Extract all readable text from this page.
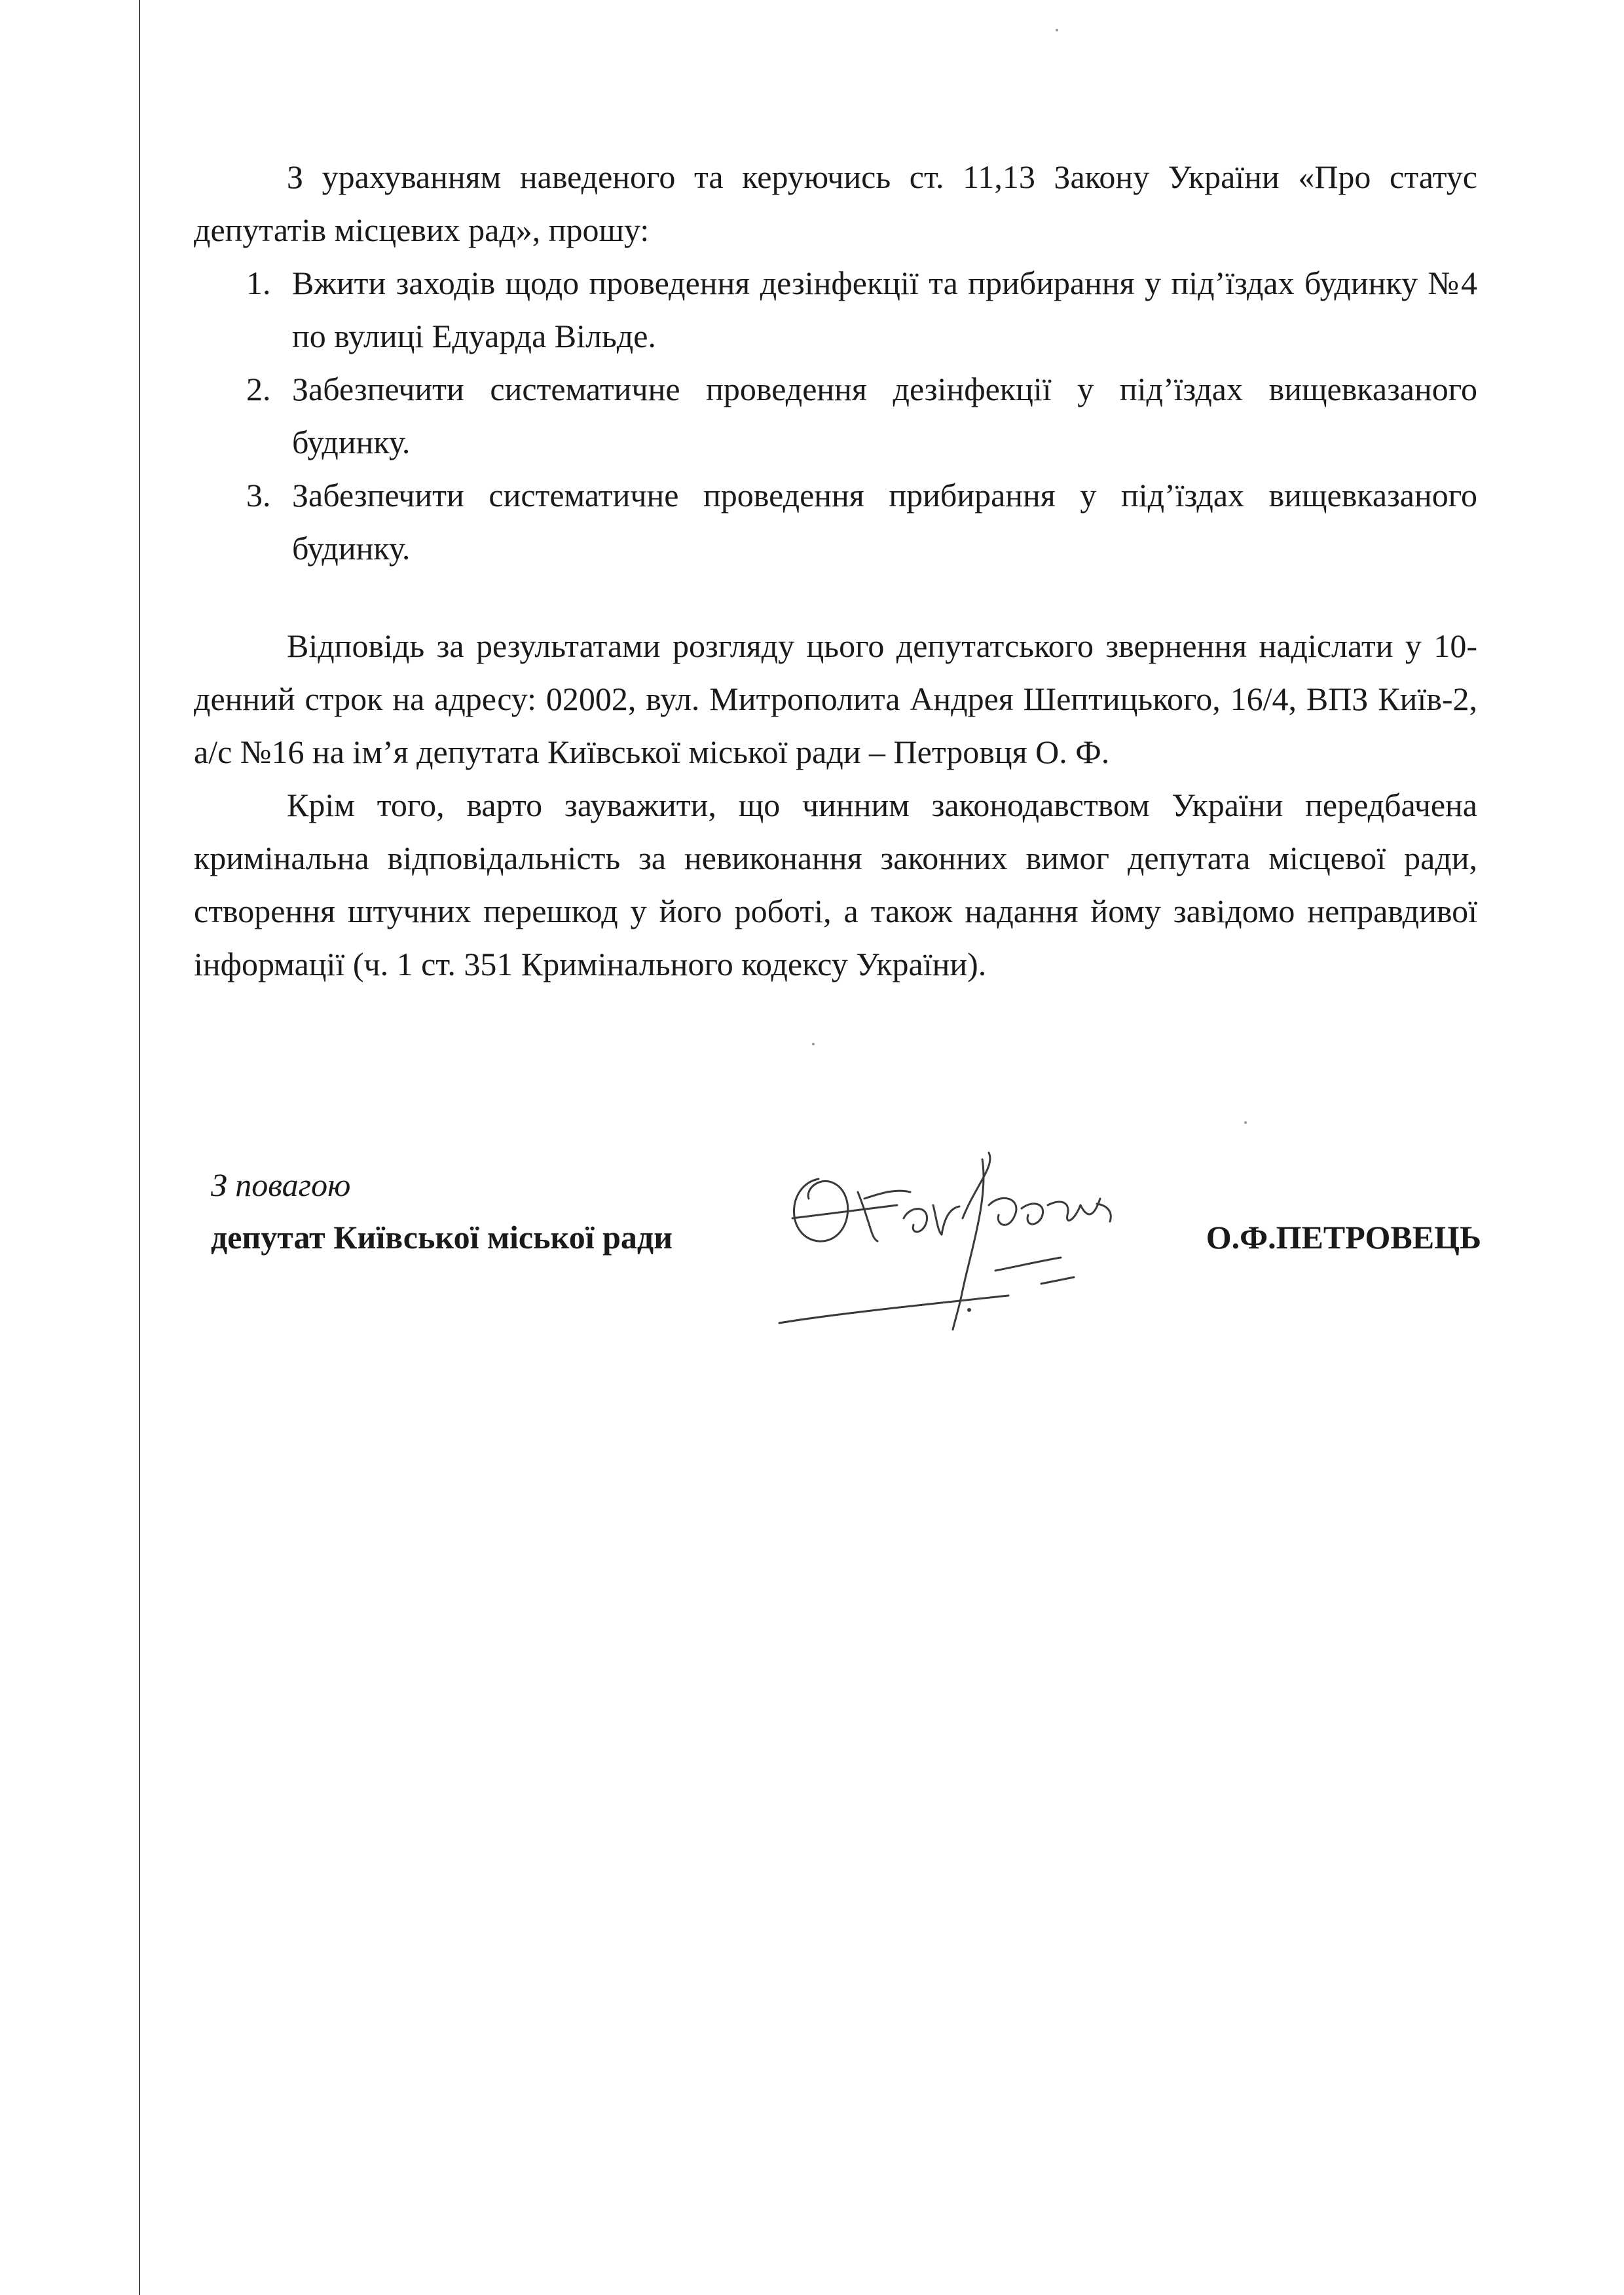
З урахуванням наведеного та керуючись ст. 11,13 Закону України «Про статус депутатів місцевих рад», прошу:

1. Вжити заходів щодо проведення дезінфекції та прибирання у під’їздах будинку №4 по вулиці Едуарда Вільде.
2. Забезпечити систематичне проведення дезінфекції у під’їздах вищевказаного будинку.
3. Забезпечити систематичне проведення прибирання у під’їздах вищевказаного будинку.

Відповідь за результатами розгляду цього депутатського звернення надіслати у 10-денний строк на адресу: 02002, вул. Митрополита Андрея Шептицького, 16/4, ВПЗ Київ-2, а/с №16 на ім’я депутата Київської міської ради – Петровця О. Ф.

Крім того, варто зауважити, що чинним законодавством України передбачена кримінальна відповідальність за невиконання законних вимог депутата місцевої ради, створення штучних перешкод у його роботі, а також надання йому завідомо неправдивої інформації (ч. 1 ст. 351 Кримінального кодексу України).

З повагою
депутат Київської міської ради	О.Ф.ПЕТРОВЕЦЬ
